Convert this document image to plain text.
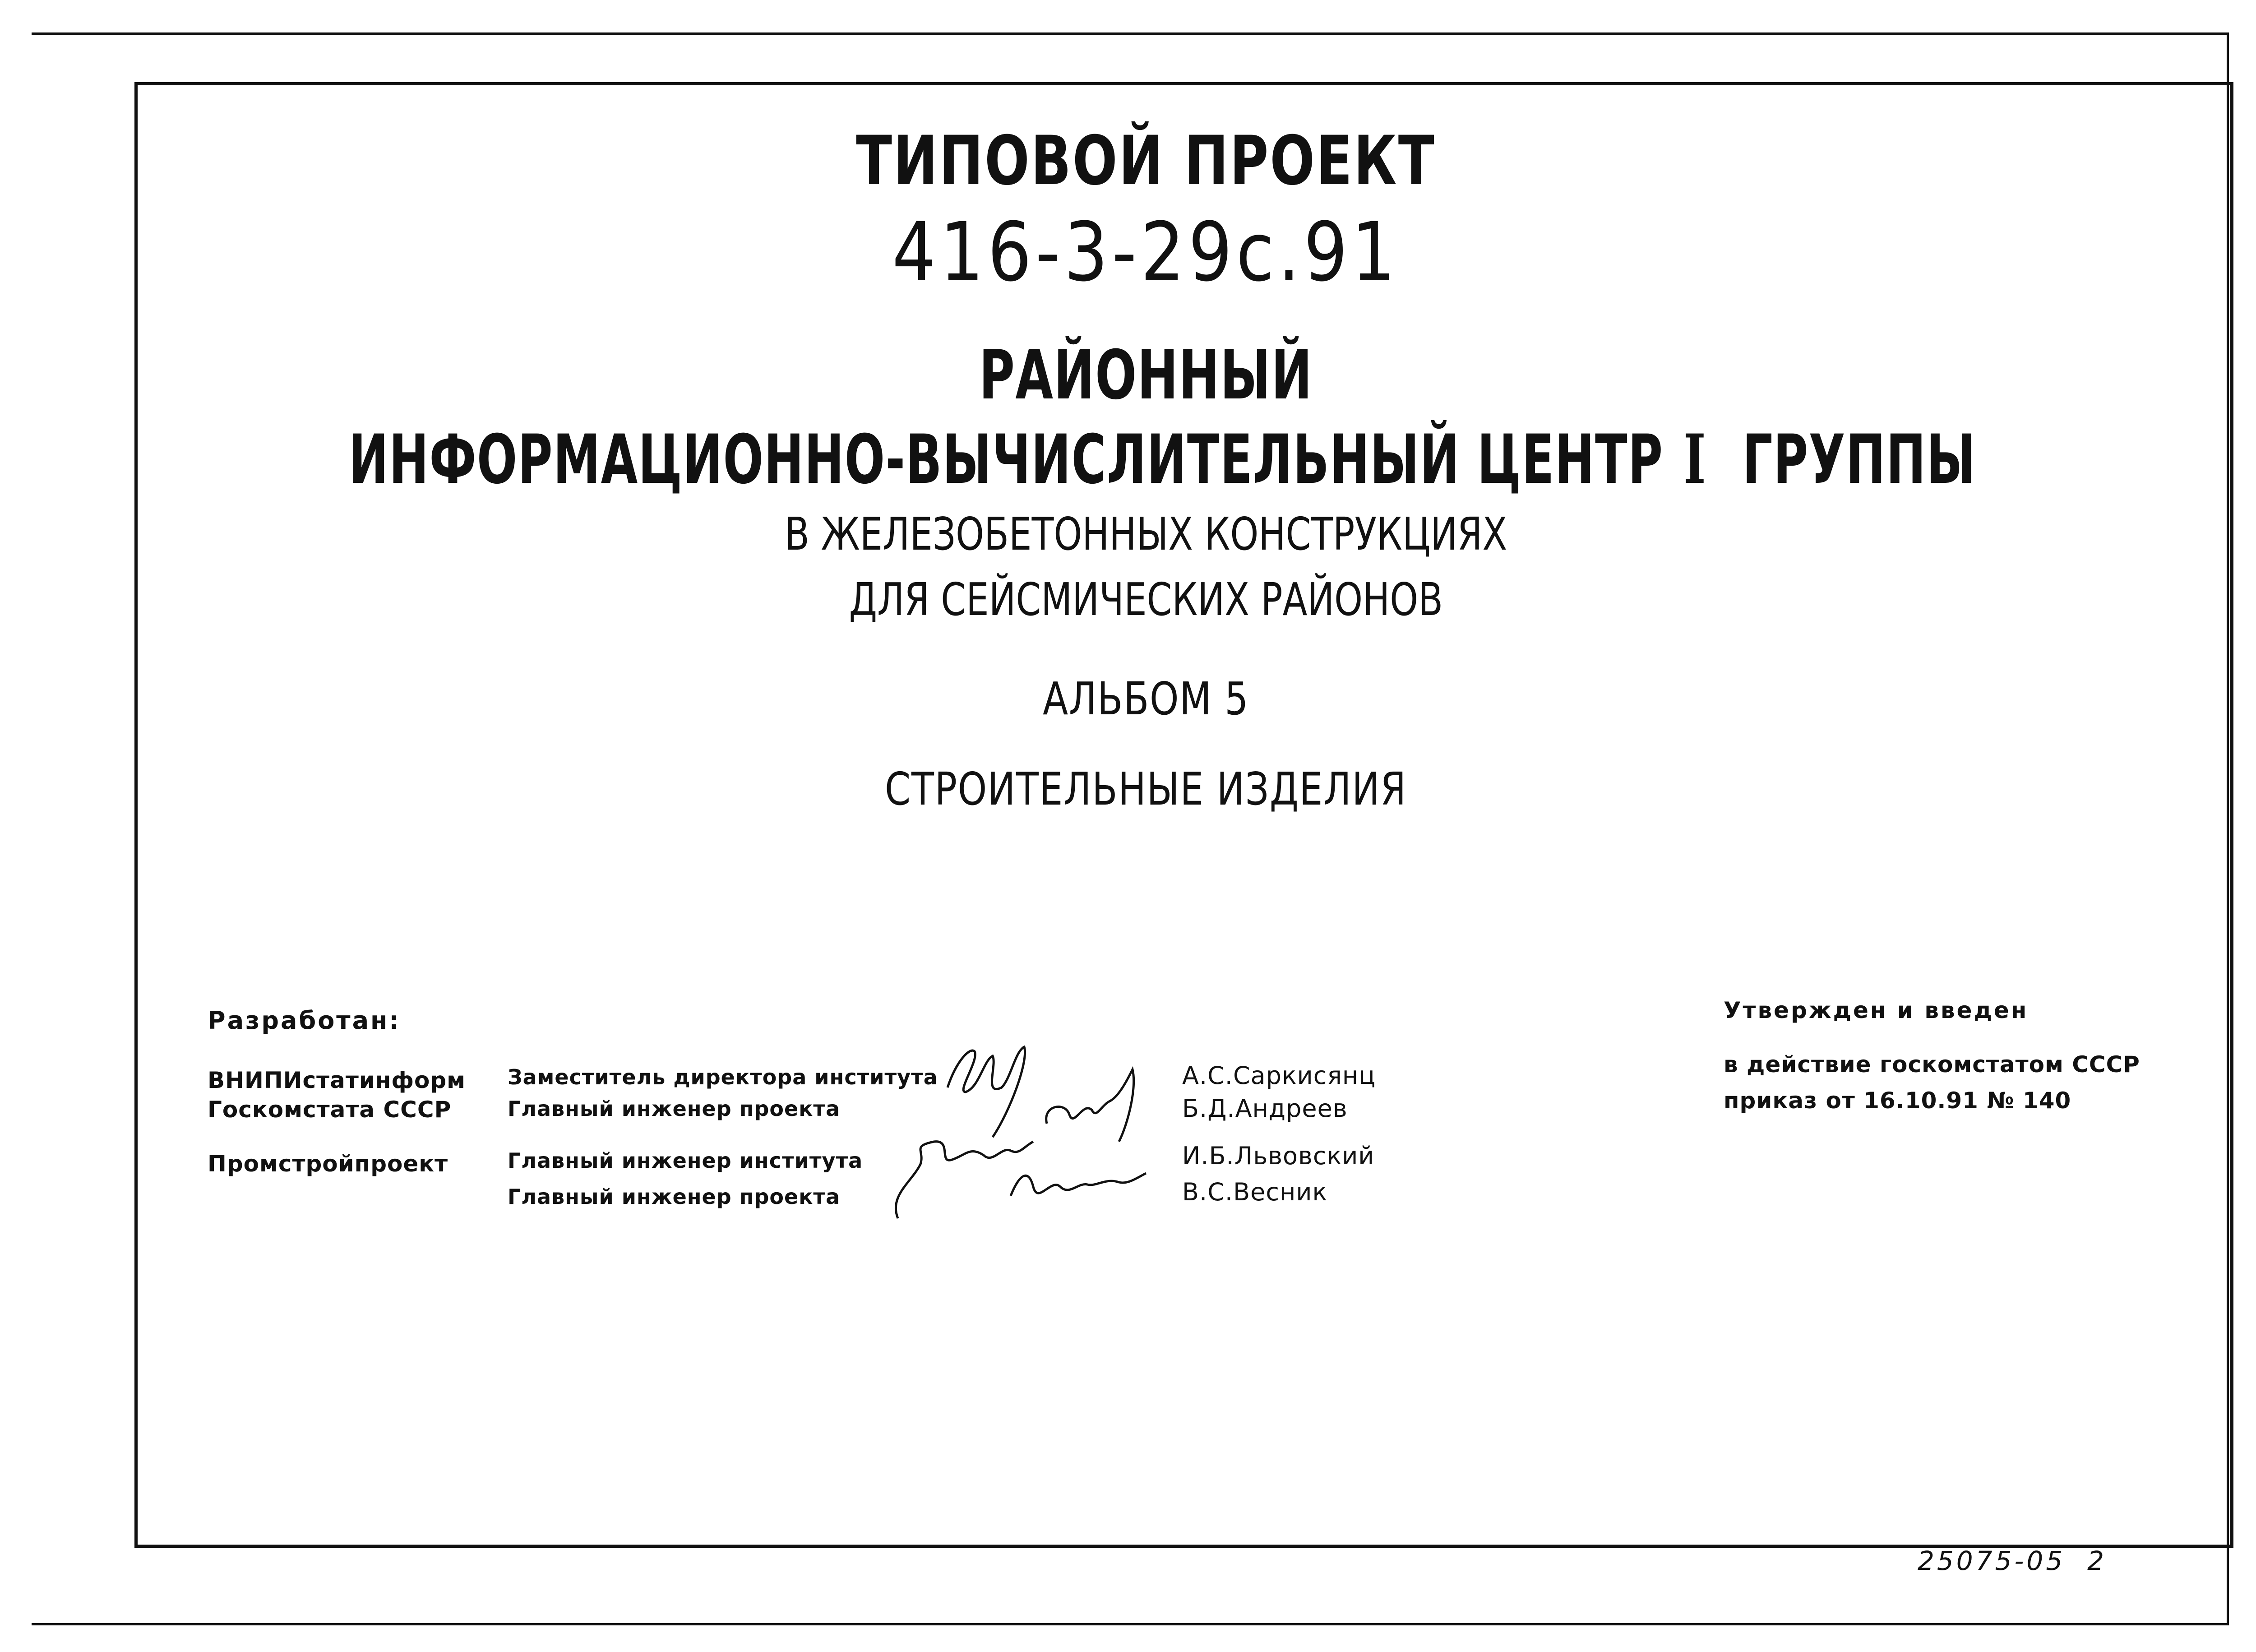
ТИПОВОЙ ПРОЕКТ
416-3-29с.91
РАЙОННЫЙ
ИНФОРМАЦИОННО-ВЫЧИСЛИТЕЛЬНЫЙ ЦЕНТР I ГРУППЫ
В ЖЕЛЕЗОБЕТОННЫХ КОНСТРУКЦИЯХ
ДЛЯ СЕЙСМИЧЕСКИХ РАЙОНОВ
АЛЬБОМ 5
СТРОИТЕЛЬНЫЕ ИЗДЕЛИЯ
Разработан:
ВНИПИстатинформ
Госкомстата СССР
Промстройпроект
Заместитель директора института
Главный инженер проекта
Главный инженер института
Главный инженер проекта
А.С.Саркисянц
Б.Д.Андреев
И.Б.Львовский
В.С.Весник
Утвержден и введен
в действие госкомстатом СССР
приказ от 16.10.91 № 140
25075-05 2
